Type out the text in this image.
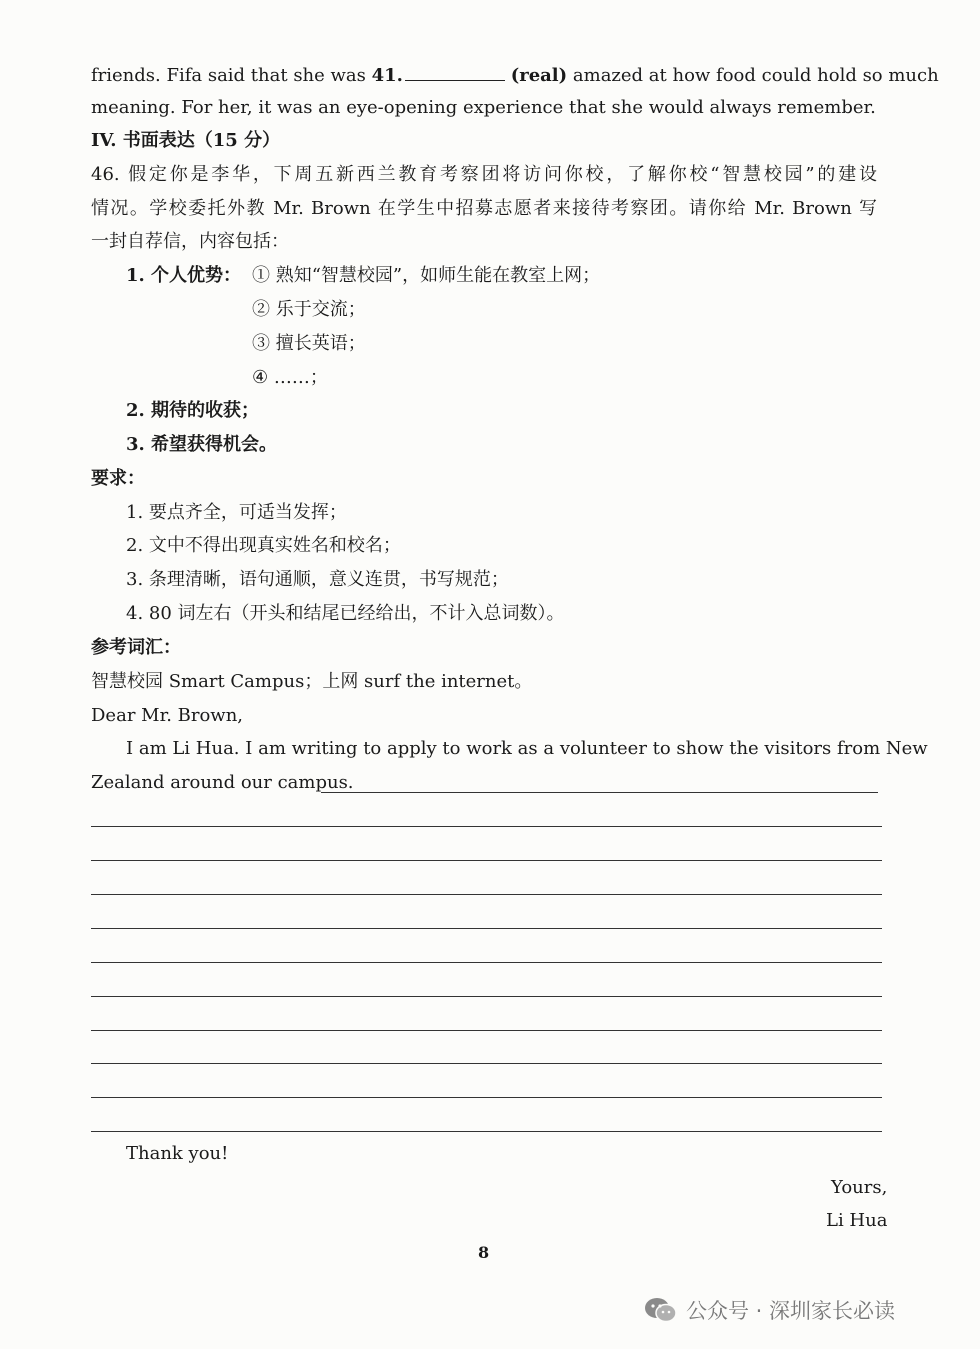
friends. Fifa said that she was 41.	(real) amazed at how food could hold so much
meaning. For her, it was an eye-opening experience that she would always remember.
IV. 书面表达（15 分）
46. 假定你是李华，下周五新西兰教育考察团将访问你校，了解你校“智慧校园”的建设
情况。学校委托外教 Mr. Brown 在学生中招募志愿者来接待考察团。请你给 Mr. Brown 写
一封自荐信，内容包括：
1. 个人优势： ① 熟知“智慧校园”，如师生能在教室上网；
② 乐于交流；
③ 擅长英语；
④ ……；
2. 期待的收获；
3. 希望获得机会。
要求：
1. 要点齐全，可适当发挥；
2. 文中不得出现真实姓名和校名；
3. 条理清晰，语句通顺，意义连贯，书写规范；
4. 80 词左右（开头和结尾已经给出，不计入总词数）。
参考词汇：
智慧校园 Smart Campus；上网 surf the internet。
Dear Mr. Brown,
I am Li Hua. I am writing to apply to work as a volunteer to show the visitors from New
Zealand around our campus.
Thank you!
Yours,
Li Hua
8
公众号 · 深圳家长必读
